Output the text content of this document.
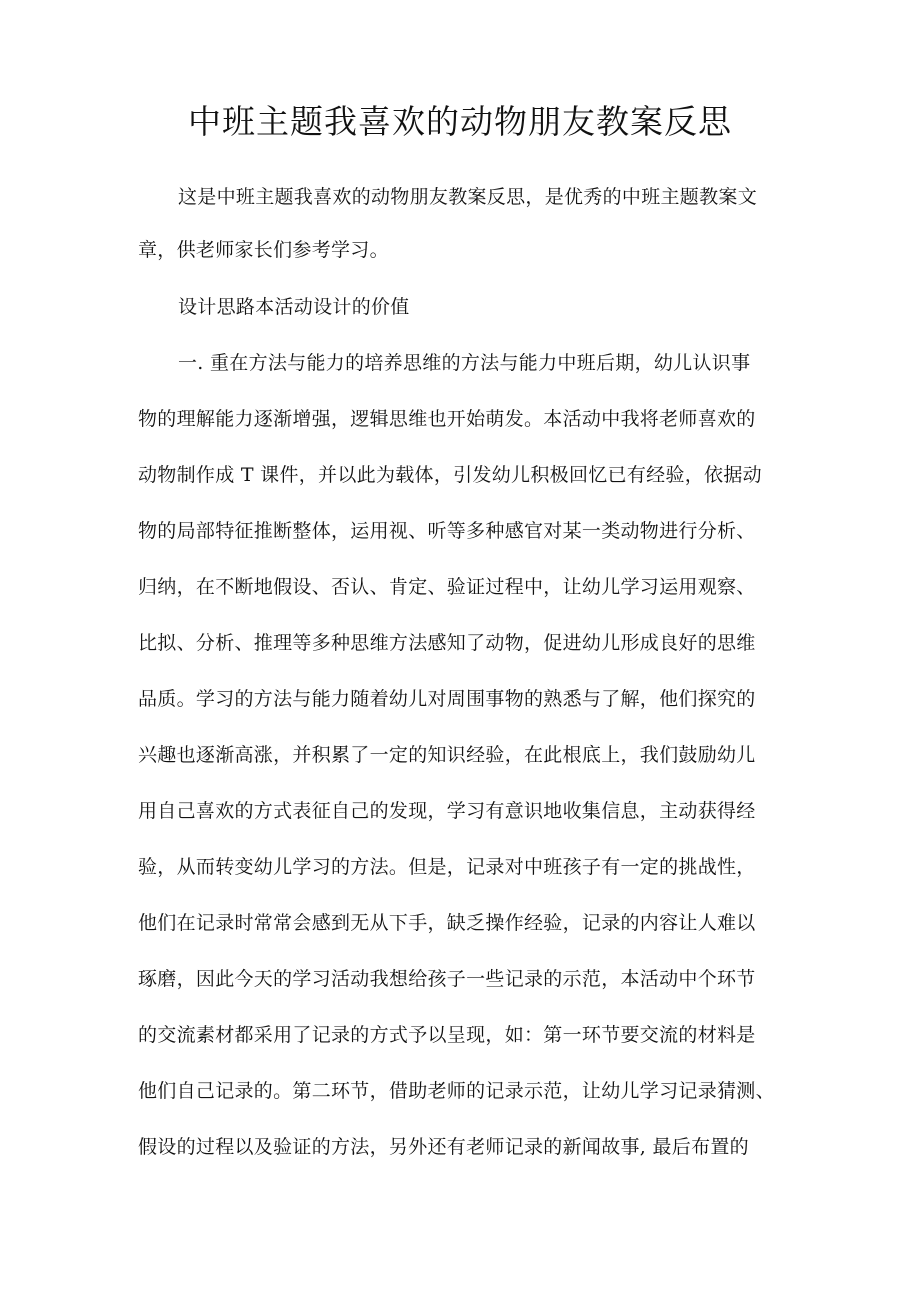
中班主题我喜欢的动物朋友教案反思
这是中班主题我喜欢的动物朋友教案反思，是优秀的中班主题教案文
章，供老师家长们参考学习。
设计思路本活动设计的价值
一. 重在方法与能力的培养思维的方法与能力中班后期，幼儿认识事
物的理解能力逐渐增强，逻辑思维也开始萌发。本活动中我将老师喜欢的
动物制作成 T 课件，并以此为载体，引发幼儿积极回忆已有经验，依据动
物的局部特征推断整体，运用视、听等多种感官对某一类动物进行分析、
归纳，在不断地假设、否认、肯定、验证过程中，让幼儿学习运用观察、
比拟、分析、推理等多种思维方法感知了动物，促进幼儿形成良好的思维
品质。学习的方法与能力随着幼儿对周围事物的熟悉与了解，他们探究的
兴趣也逐渐高涨，并积累了一定的知识经验，在此根底上，我们鼓励幼儿
用自己喜欢的方式表征自己的发现，学习有意识地收集信息，主动获得经
验，从而转变幼儿学习的方法。但是，记录对中班孩子有一定的挑战性，
他们在记录时常常会感到无从下手，缺乏操作经验，记录的内容让人难以
琢磨，因此今天的学习活动我想给孩子一些记录的示范，本活动中个环节
的交流素材都采用了记录的方式予以呈现，如：第一环节要交流的材料是
他们自己记录的。第二环节，借助老师的记录示范，让幼儿学习记录猜测、
假设的过程以及验证的方法，另外还有老师记录的新闻故事, 最后布置的
